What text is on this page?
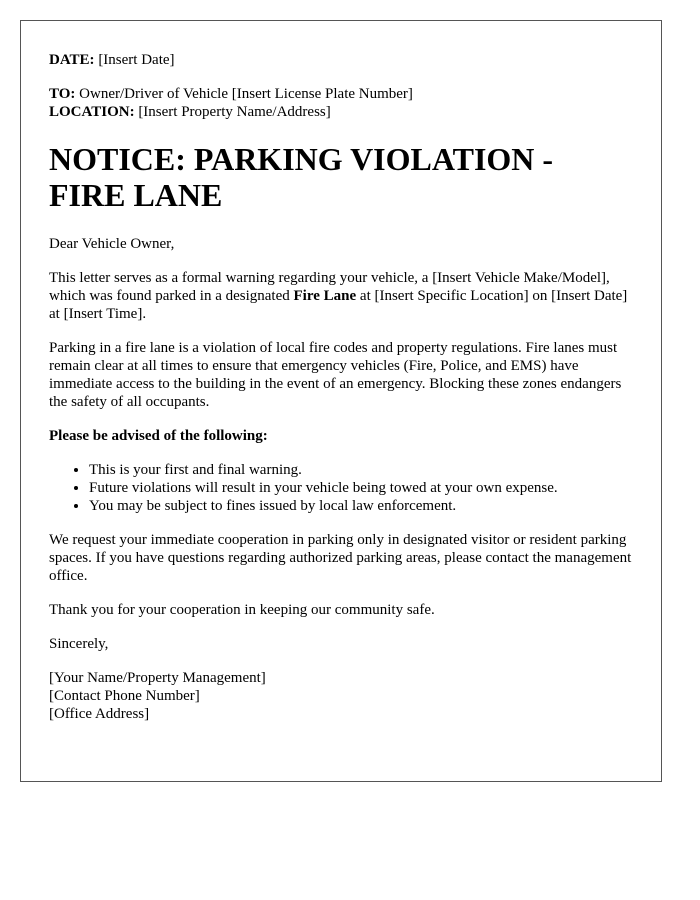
DATE: [Insert Date]

TO: Owner/Driver of Vehicle [Insert License Plate Number]
LOCATION: [Insert Property Name/Address]

NOTICE: PARKING VIOLATION - FIRE LANE

Dear Vehicle Owner,

This letter serves as a formal warning regarding your vehicle, a [Insert Vehicle Make/Model], which was found parked in a designated Fire Lane at [Insert Specific Location] on [Insert Date] at [Insert Time].

Parking in a fire lane is a violation of local fire codes and property regulations. Fire lanes must remain clear at all times to ensure that emergency vehicles (Fire, Police, and EMS) have immediate access to the building in the event of an emergency. Blocking these zones endangers the safety of all occupants.

Please be advised of the following:

• This is your first and final warning.
• Future violations will result in your vehicle being towed at your own expense.
• You may be subject to fines issued by local law enforcement.

We request your immediate cooperation in parking only in designated visitor or resident parking spaces. If you have questions regarding authorized parking areas, please contact the management office.

Thank you for your cooperation in keeping our community safe.

Sincerely,

[Your Name/Property Management]
[Contact Phone Number]
[Office Address]
